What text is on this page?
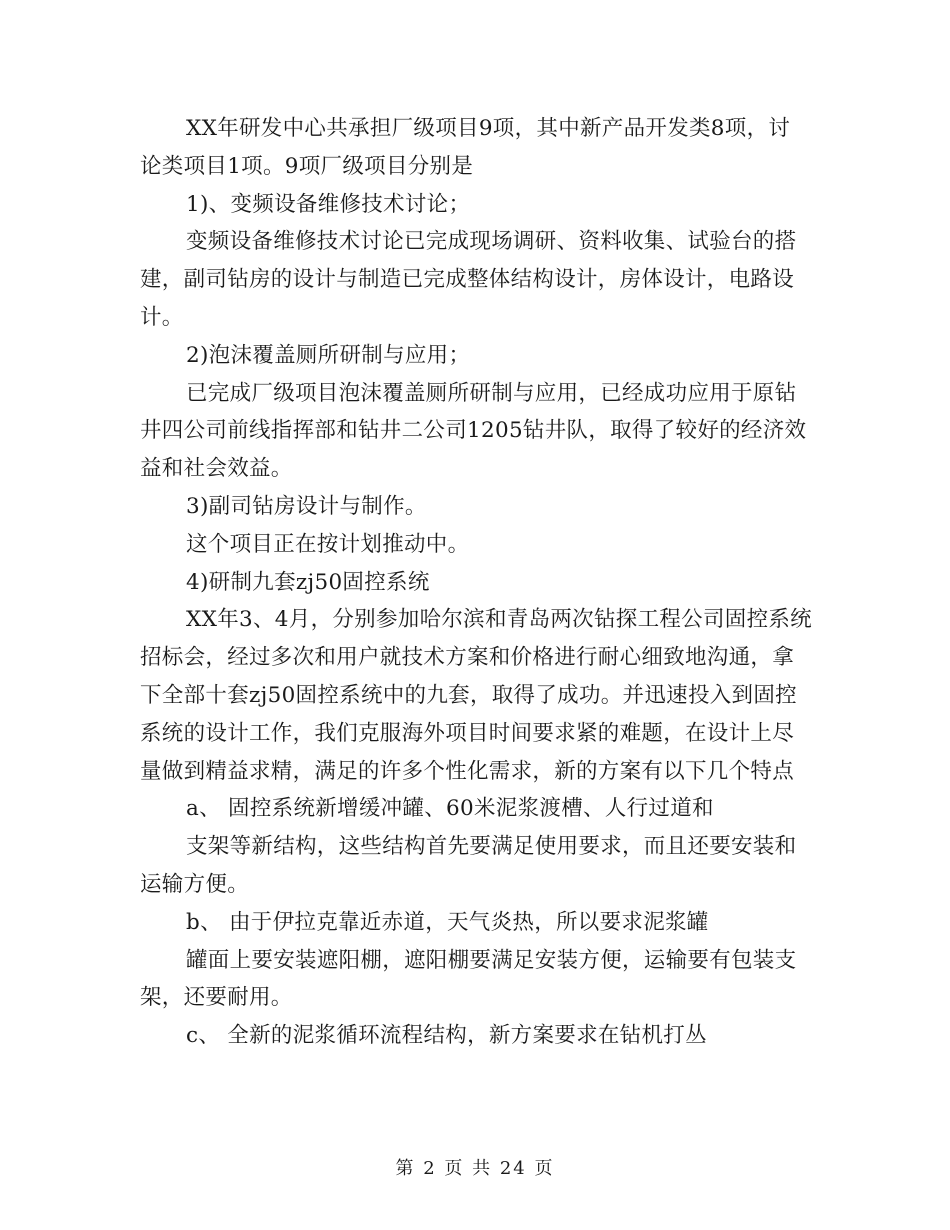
XX年研发中心共承担厂级项目9项，其中新产品开发类8项，讨
论类项目1项。9项厂级项目分别是
1)、变频设备维修技术讨论；
变频设备维修技术讨论已完成现场调研、资料收集、试验台的搭
建，副司钻房的设计与制造已完成整体结构设计，房体设计，电路设
计。
2)泡沫覆盖厕所研制与应用；
已完成厂级项目泡沫覆盖厕所研制与应用，已经成功应用于原钻
井四公司前线指挥部和钻井二公司1205钻井队，取得了较好的经济效
益和社会效益。
3)副司钻房设计与制作。
这个项目正在按计划推动中。
4)研制九套zj50固控系统
XX年3、4月，分别参加哈尔滨和青岛两次钻探工程公司固控系统
招标会，经过多次和用户就技术方案和价格进行耐心细致地沟通，拿
下全部十套zj50固控系统中的九套，取得了成功。并迅速投入到固控
系统的设计工作，我们克服海外项目时间要求紧的难题，在设计上尽
量做到精益求精，满足的许多个性化需求，新的方案有以下几个特点
a、 固控系统新增缓冲罐、60米泥浆渡槽、人行过道和
支架等新结构，这些结构首先要满足使用要求，而且还要安装和
运输方便。
b、 由于伊拉克靠近赤道，天气炎热，所以要求泥浆罐
罐面上要安装遮阳棚，遮阳棚要满足安装方便，运输要有包装支
架，还要耐用。
c、 全新的泥浆循环流程结构，新方案要求在钻机打丛
第 2 页 共 24 页
